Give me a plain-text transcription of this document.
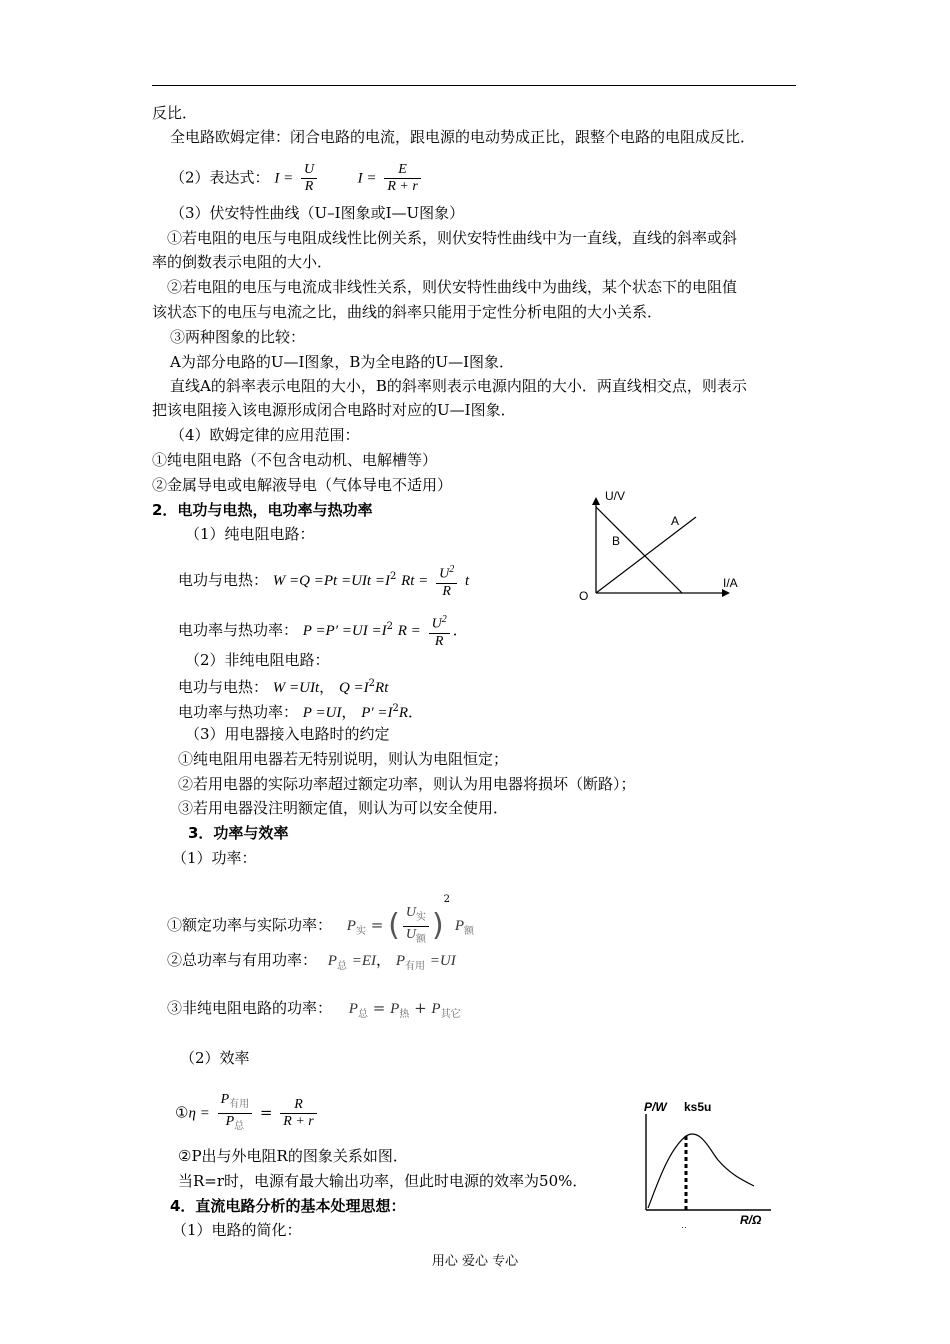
反比．
全电路欧姆定律：闭合电路的电流，跟电源的电动势成正比，跟整个电路的电阻成反比．
（2）表达式： $I = \frac{U}{R}$	$I = \frac{E}{R + r}$
（3）伏安特性曲线（U–I图象或I—U图象）
①若电阻的电压与电阻成线性比例关系，则伏安特性曲线中为一直线，直线的斜率或斜
率的倒数表示电阻的大小．
②若电阻的电压与电流成非线性关系，则伏安特性曲线中为曲线，某个状态下的电阻值
该状态下的电压与电流之比，曲线的斜率只能用于定性分析电阻的大小关系．
③两种图象的比较：
A为部分电路的U—I图象，B为全电路的U—I图象．
直线A的斜率表示电阻的大小，B的斜率则表示电源内阻的大小．两直线相交点，则表示
把该电阻接入该电源形成闭合电路时对应的U—I图象．
（4）欧姆定律的应用范围：
①纯电阻电路（不包含电动机、电解槽等）
②金属导电或电解液导电（气体导电不适用）
2．电功与电热，电功率与热功率
（1）纯电阻电路：
U/V
I/A
O
A
B
电功与电热： $W =Q =Pt =UIt =I^2$ $Rt = \frac{U^2}{R}$ t
电功率与热功率： $P =P' =UI =I^2$ $R = \frac{U^2}{R}$ ．
（2）非纯电阻电路：
电功与电热： W =UIt， $Q =I^2Rt$
电功率与热功率： P =UI， $P' =I^2R$．
（3）用电器接入电路时的约定
①纯电阻用电器若无特别说明，则认为电阻恒定；
②若用电器的实际功率超过额定功率，则认为用电器将损坏（断路）；
③若用电器没注明额定值，则认为可以安全使用．
3．功率与效率
（1）功率：
①额定功率与实际功率： $P_实$ = ( $\frac{U_实}{U_额} )^2$ $P_额$
②总功率与有用功率： $P_总 =EI$， $P_{有用} =UI$
③非纯电阻电路的功率： $P_总 = P_热 + P_{其它}$
（2）效率
①η = $\frac{P_{有用}}{P_总} = \frac{R}{R + r}$
②P出与外电阻R的图象关系如图．
当R=r时，电源有最大输出功率，但此时电源的效率为50%．
4．直流电路分析的基本处理思想：
（1）电路的简化：
P/W ks5u
R/Ω
··
用心 爱心 专心
